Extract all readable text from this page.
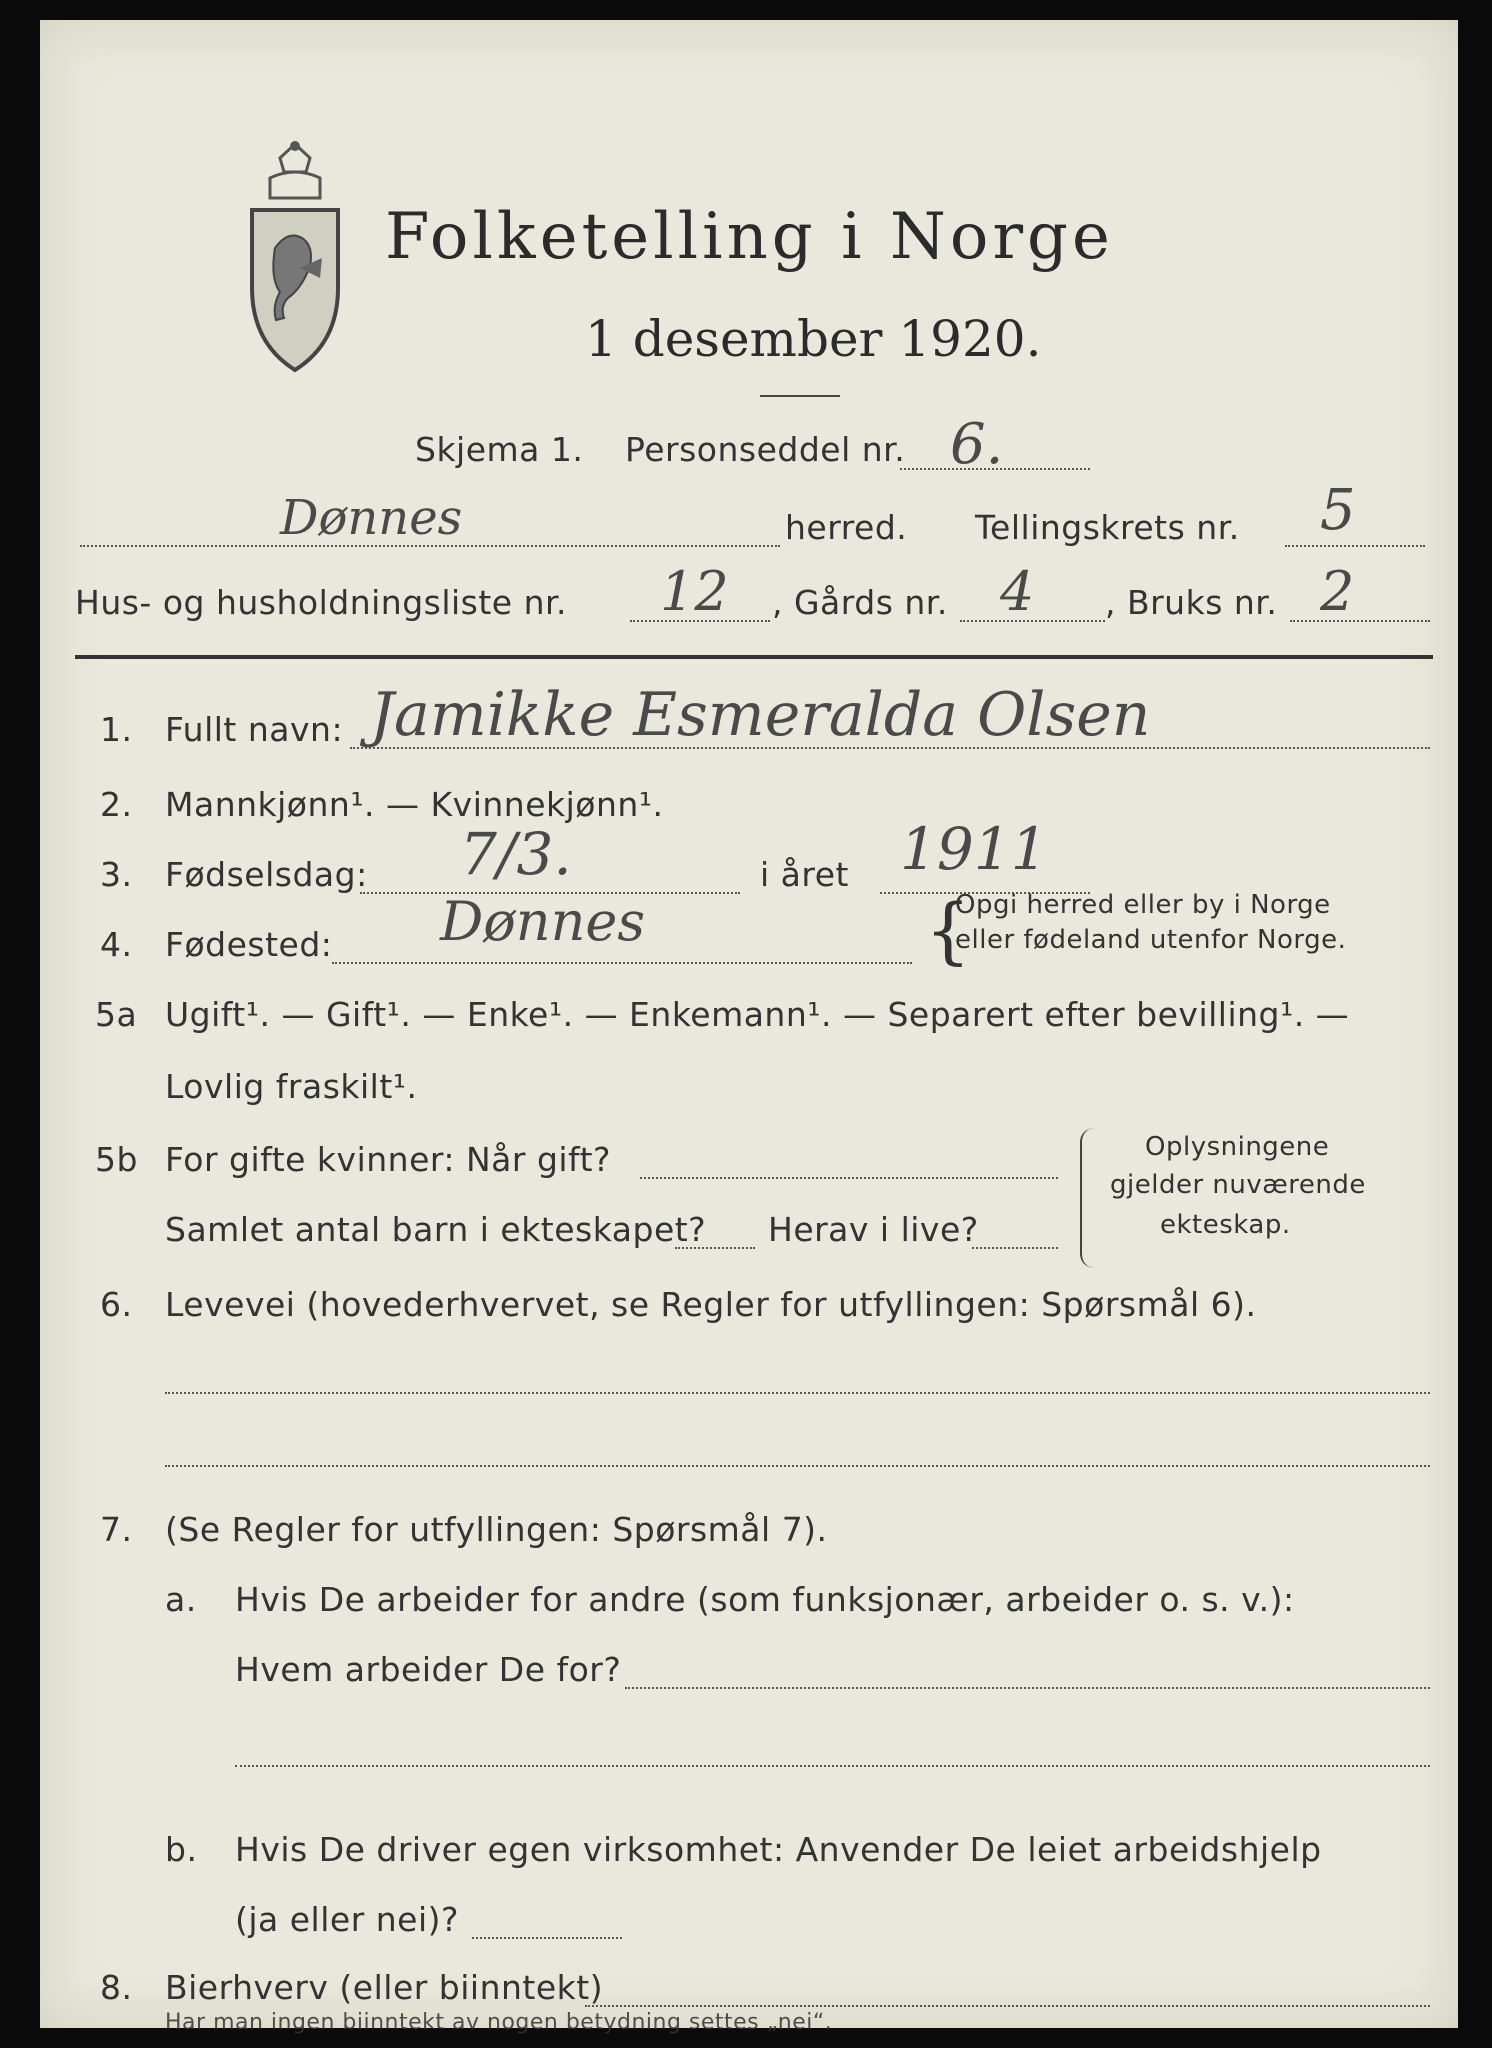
Folketelling i Norge
1 desember 1920.
Skjema 1. Personseddel nr. 6.
Dønnes	herred. Tellingskrets nr. 5
Hus- og husholdningsliste nr. 12 , Gårds nr. 4 , Bruks nr. 2
1. Fullt navn: Jamikke Esmeralda Olsen
2. Mannkjønn¹. — Kvinnekjønn¹.
3. Fødselsdag: 7/3.	i året 1911
4. Fødested: Dønnes	{
Opgi herred eller by i Norge
eller fødeland utenfor Norge.
5a Ugift¹. — Gift¹. — Enke¹. — Enkemann¹. — Separert efter bevilling¹. —
Lovlig fraskilt¹.
5b For gifte kvinner: Når gift?
Samlet antal barn i ekteskapet? Herav i live?
Oplysningene
gjelder nuværende
ekteskap.
6. Levevei (hovederhvervet, se Regler for utfyllingen: Spørsmål 6).
7. (Se Regler for utfyllingen: Spørsmål 7).
a. Hvis De arbeider for andre (som funksjonær, arbeider o. s. v.):
Hvem arbeider De for?
b. Hvis De driver egen virksomhet: Anvender De leiet arbeidshjelp
(ja eller nei)?
8. Bierhverv (eller biinntekt)
Har man ingen biinntekt av nogen betydning settes „nei“.
